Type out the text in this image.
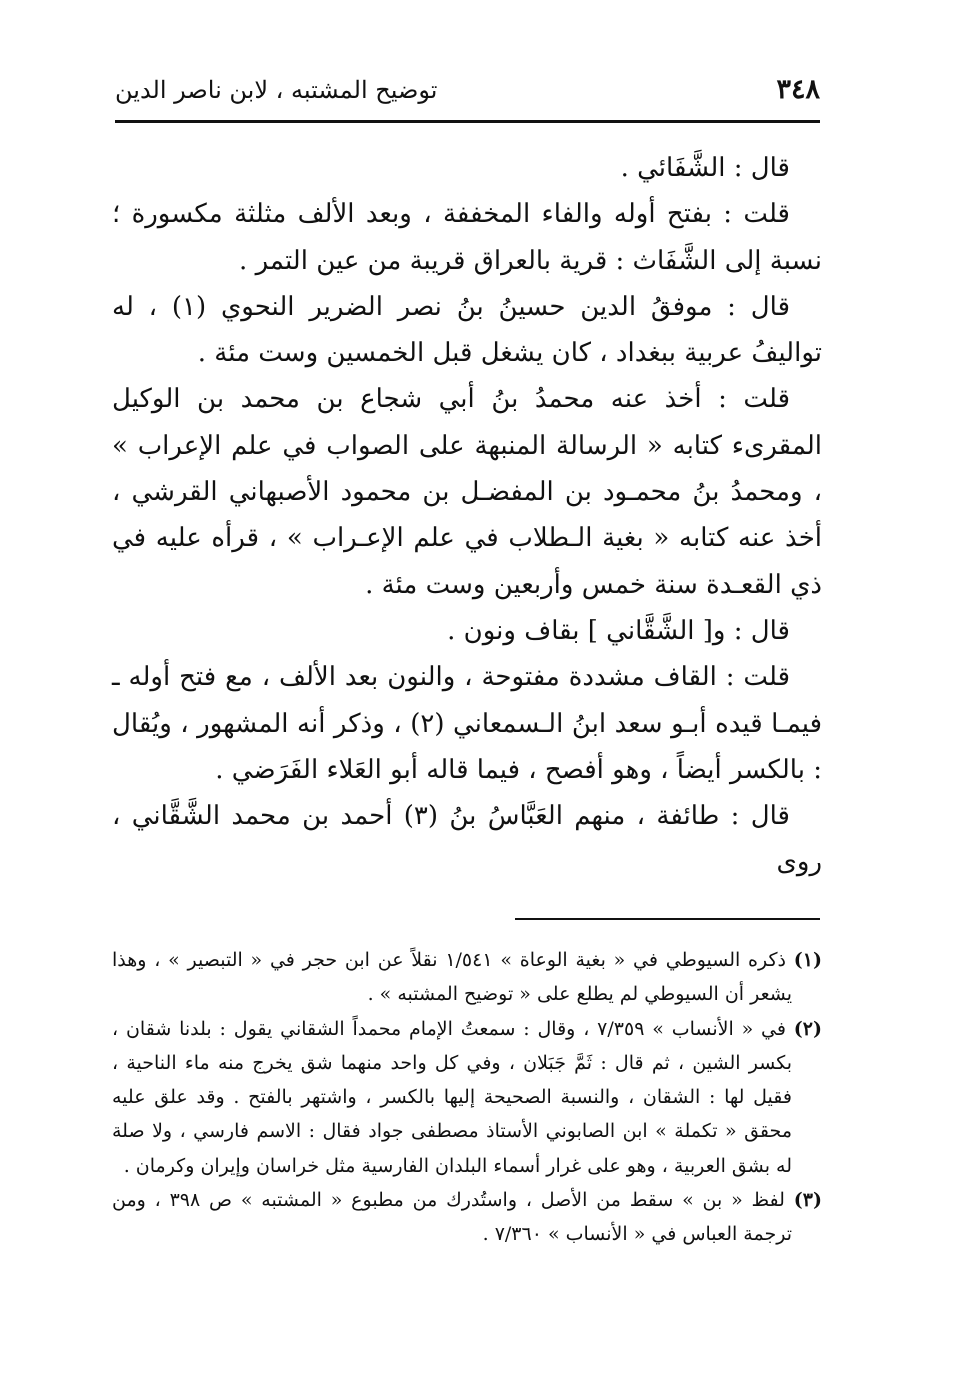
٣٤٨
توضيح المشتبه ، لابن ناصر الدين

قال : الشَّفَائي .

قلت : بفتح أوله والفاء المخففة ، وبعد الألف مثلثة مكسورة ؛ نسبة إلى الشَّفَاث : قرية بالعراق قريبة من عين التمر .

قال : موفقُ الدين حسينُ بنُ نصر الضرير النحوي (١) ، له تواليفُ عربية ببغداد ، كان يشغل قبل الخمسين وست مئة .

قلت : أخذ عنه محمدُ بنُ أبي شجاع بن محمد بن الوكيل المقرىء كتابه « الرسالة المنبهة على الصواب في علم الإعراب » ، ومحمدُ بنُ محمـود بن المفضـل بن محمود الأصبهاني القرشي ، أخذ عنه كتابه « بغية الـطلاب في علم الإعـراب » ، قرأه عليه في ذي القعـدة سنة خمس وأربعين وست مئة .

قال : و[ الشَّقَّاني ] بقاف ونون .

قلت : القاف مشددة مفتوحة ، والنون بعد الألف ، مع فتح أوله ـ فيمـا قيده أبـو سعد ابنُ الـسمعاني (٢) ، وذكر أنه المشهور ، ويُقال : بالكسر أيضاً ، وهو أفصح ، فيما قاله أبو العَلاء الفَرَضي .

قال : طائفة ، منهم العَبَّاسُ بنُ (٣) أحمد بن محمد الشَّقَّاني ، روى

(١) ذكره السيوطي في « بغية الوعاة » ١/٥٤١ نقلاً عن ابن حجر في « التبصير » ، وهذا يشعر أن السيوطي لم يطلع على « توضيح المشتبه » .

(٢) في « الأنساب » ٧/٣٥٩ ، وقال : سمعتُ الإمام محمداً الشقاني يقول : بلدنا شقان ، بكسر الشين ، ثم قال : ثَمَّ جَبَلان ، وفي كل واحد منهما شق يخرج منه ماء الناحية ، فقيل لها : الشقان ، والنسبة الصحيحة إليها بالكسر ، واشتهر بالفتح . وقد علق عليه محقق « تكملة » ابن الصابوني الأستاذ مصطفى جواد فقال : الاسم فارسي ، ولا صلة له بشق العربية ، وهو على غرار أسماء البلدان الفارسية مثل خراسان وإيران وكرمان .

(٣) لفظ « بن » سقط من الأصل ، واستُدرك من مطبوع « المشتبه » ص ٣٩٨ ، ومن ترجمة العباس في « الأنساب » ٧/٣٦٠ .
